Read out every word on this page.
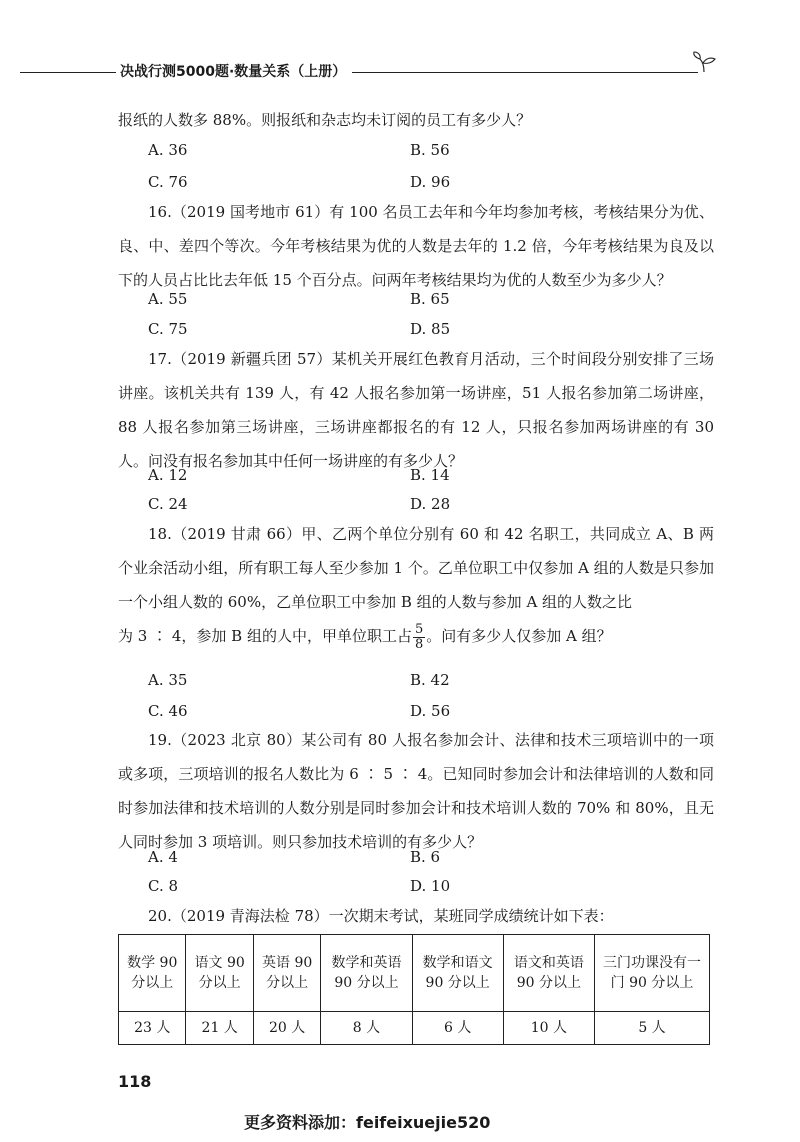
决战行测5000题·数量关系（上册）
报纸的人数多 88%。则报纸和杂志均未订阅的员工有多少人？
A. 36	B. 56
C. 76	D. 96
16.（2019 国考地市 61）有 100 名员工去年和今年均参加考核，考核结果分为优、良、中、差四个等次。今年考核结果为优的人数是去年的 1.2 倍，今年考核结果为良及以下的人员占比比去年低 15 个百分点。问两年考核结果均为优的人数至少为多少人？
A. 55	B. 65
C. 75	D. 85
17.（2019 新疆兵团 57）某机关开展红色教育月活动，三个时间段分别安排了三场讲座。该机关共有 139 人，有 42 人报名参加第一场讲座，51 人报名参加第二场讲座，88 人报名参加第三场讲座，三场讲座都报名的有 12 人，只报名参加两场讲座的有 30 人。问没有报名参加其中任何一场讲座的有多少人？
A. 12	B. 14
C. 24	D. 28
18.（2019 甘肃 66）甲、乙两个单位分别有 60 和 42 名职工，共同成立 A、B 两个业余活动小组，所有职工每人至少参加 1 个。乙单位职工中仅参加 A 组的人数是只参加一个小组人数的 60%，乙单位职工中参加 B 组的人数与参加 A 组的人数之比
为 3 ∶ 4，参加 B 组的人中，甲单位职工占 $\frac{5}{8}$ 。问有多少人仅参加 A 组？
A. 35	B. 42
C. 46	D. 56
19.（2023 北京 80）某公司有 80 人报名参加会计、法律和技术三项培训中的一项或多项，三项培训的报名人数比为 6 ∶ 5 ∶ 4。已知同时参加会计和法律培训的人数和同时参加法律和技术培训的人数分别是同时参加会计和技术培训人数的 70% 和 80%，且无人同时参加 3 项培训。则只参加技术培训的有多少人？
A. 4	B. 6
C. 8	D. 10
20.（2019 青海法检 78）一次期末考试，某班同学成绩统计如下表：
数学 90 分以上	语文 90 分以上	英语 90 分以上	数学和英语 90 分以上	数学和语文 90 分以上	语文和英语 90 分以上	三门功课没有一门 90 分以上
23 人	21 人	20 人	8 人	6 人	10 人	5 人
118
更多资料添加：feifeixuejie520
